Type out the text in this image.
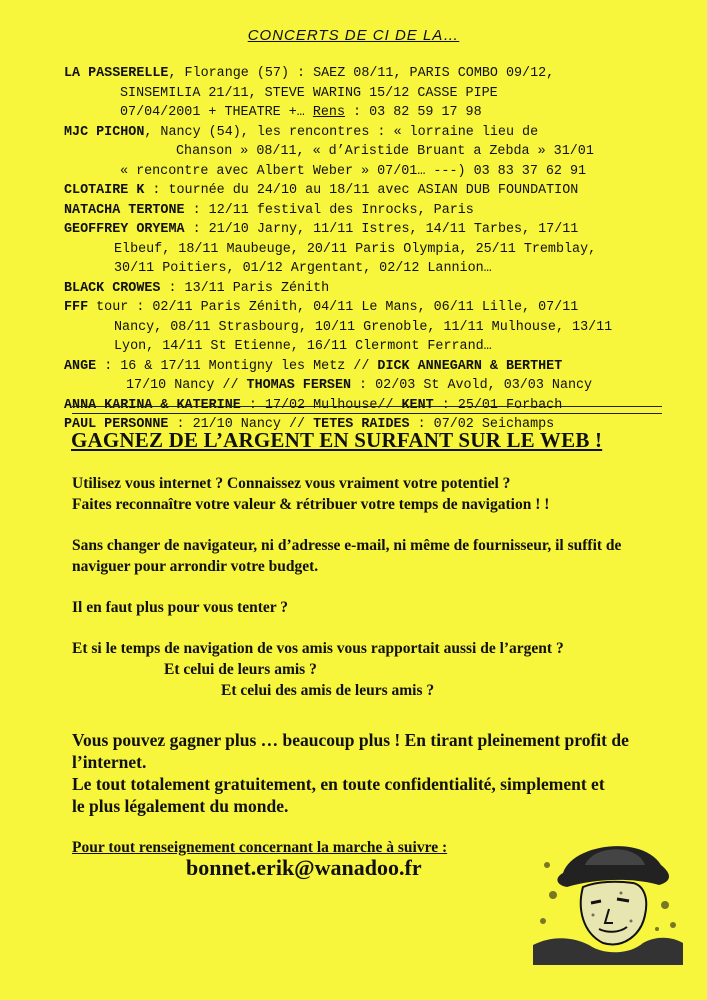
CONCERTS DE CI DE LA…
LA PASSERELLE, Florange (57) : SAEZ 08/11, PARIS COMBO 09/12,
SINSEMILIA 21/11, STEVE WARING 15/12 CASSE PIPE
07/04/2001 + THEATRE +… Rens : 03 82 59 17 98
MJC PICHON, Nancy (54), les rencontres : « lorraine lieu de
Chanson » 08/11, « d’Aristide Bruant a Zebda » 31/01
« rencontre avec Albert Weber » 07/01… ---) 03 83 37 62 91
CLOTAIRE K : tournée du 24/10 au 18/11 avec ASIAN DUB FOUNDATION
NATACHA TERTONE : 12/11 festival des Inrocks, Paris
GEOFFREY ORYEMA : 21/10 Jarny, 11/11 Istres, 14/11 Tarbes, 17/11
Elbeuf, 18/11 Maubeuge, 20/11 Paris Olympia, 25/11 Tremblay,
30/11 Poitiers, 01/12 Argentant, 02/12 Lannion…
BLACK CROWES : 13/11 Paris Zénith
FFF tour : 02/11 Paris Zénith, 04/11 Le Mans, 06/11 Lille, 07/11
Nancy, 08/11 Strasbourg, 10/11 Grenoble, 11/11 Mulhouse, 13/11
Lyon, 14/11 St Etienne, 16/11 Clermont Ferrand…
ANGE : 16 & 17/11 Montigny les Metz // DICK ANNEGARN & BERTHET
17/10 Nancy // THOMAS FERSEN : 02/03 St Avold, 03/03 Nancy
ANNA KARINA & KATERINE : 17/02 Mulhouse// KENT : 25/01 Forbach
PAUL PERSONNE : 21/10 Nancy // TETES RAIDES : 07/02 Seichamps
GAGNEZ DE L’ARGENT EN SURFANT SUR LE WEB !

Utilisez vous internet ? Connaissez vous vraiment votre potentiel ?

Faites reconnaître votre valeur & rétribuer votre temps de navigation ! !

Sans changer de navigateur, ni d’adresse e-mail, ni même de fournisseur, il suffit de

naviguer pour arrondir votre budget.

Il en faut plus pour vous tenter ?

Et si le temps de navigation de vos amis vous rapportait aussi de l’argent ?

Et celui de leurs amis ?

Et celui des amis de leurs amis ?

Vous pouvez gagner plus … beaucoup plus ! En tirant pleinement profit de

l’internet.

Le tout totalement gratuitement, en toute confidentialité, simplement et

le plus légalement du monde.

Pour tout renseignement concernant la marche à suivre :

bonnet.erik@wanadoo.fr
